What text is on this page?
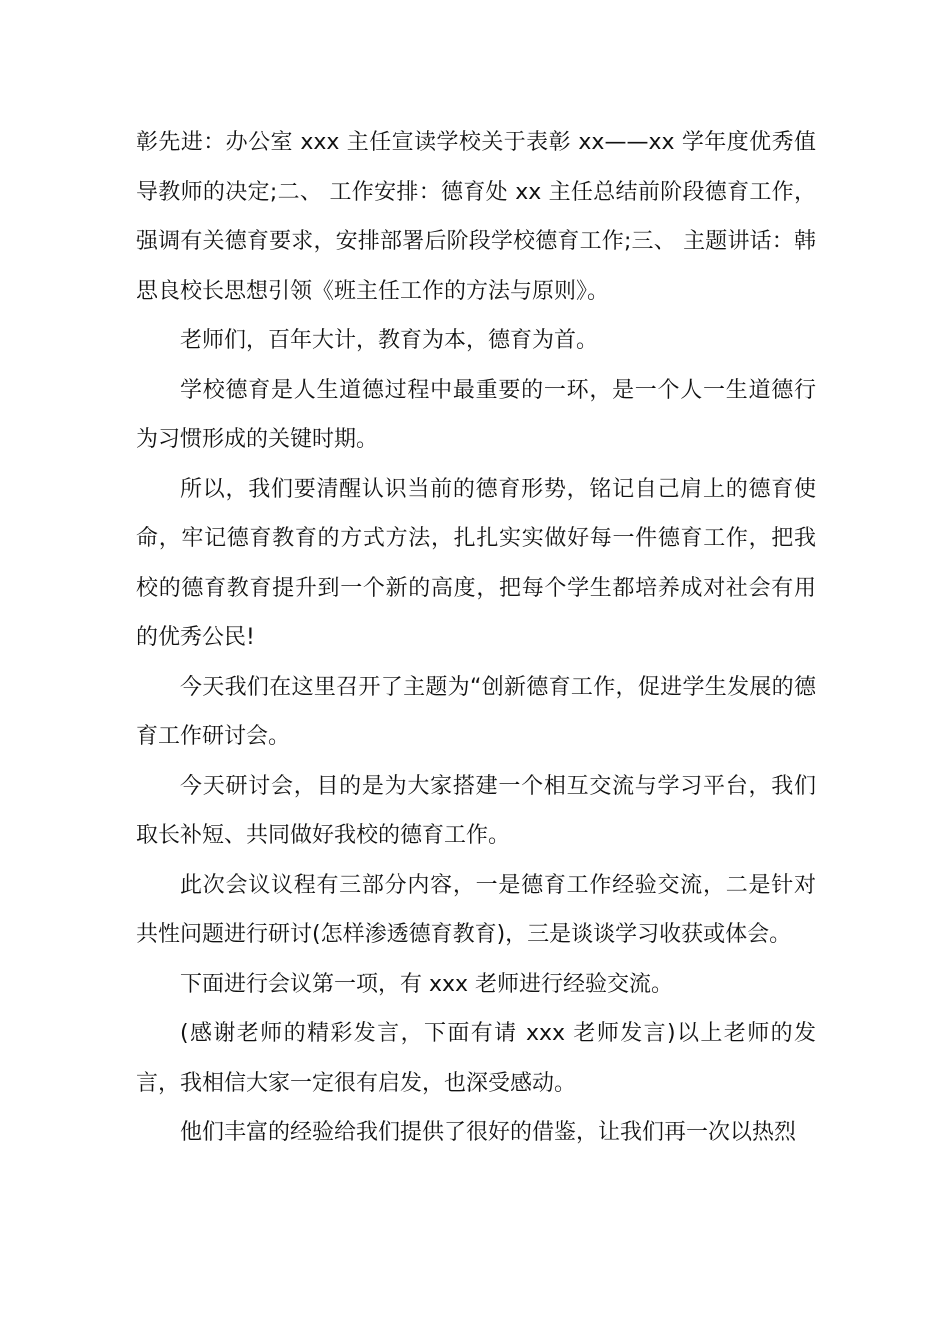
彰先进：办公室 xxx 主任宣读学校关于表彰 xx——xx 学年度优秀值导教师的决定;二、 工作安排：德育处 xx 主任总结前阶段德育工作，强调有关德育要求，安排部署后阶段学校德育工作;三、 主题讲话：韩思良校长思想引领《班主任工作的方法与原则》。

老师们，百年大计，教育为本，德育为首。

学校德育是人生道德过程中最重要的一环，是一个人一生道德行为习惯形成的关键时期。

所以，我们要清醒认识当前的德育形势，铭记自己肩上的德育使命，牢记德育教育的方式方法，扎扎实实做好每一件德育工作，把我校的德育教育提升到一个新的高度，把每个学生都培养成对社会有用的优秀公民!

今天我们在这里召开了主题为“创新德育工作，促进学生发展的德育工作研讨会。

今天研讨会，目的是为大家搭建一个相互交流与学习平台，我们取长补短、共同做好我校的德育工作。

此次会议议程有三部分内容，一是德育工作经验交流，二是针对共性问题进行研讨(怎样渗透德育教育)，三是谈谈学习收获或体会。

下面进行会议第一项，有 xxx 老师进行经验交流。

(感谢老师的精彩发言，下面有请 xxx 老师发言)以上老师的发言，我相信大家一定很有启发，也深受感动。

他们丰富的经验给我们提供了很好的借鉴，让我们再一次以热烈
